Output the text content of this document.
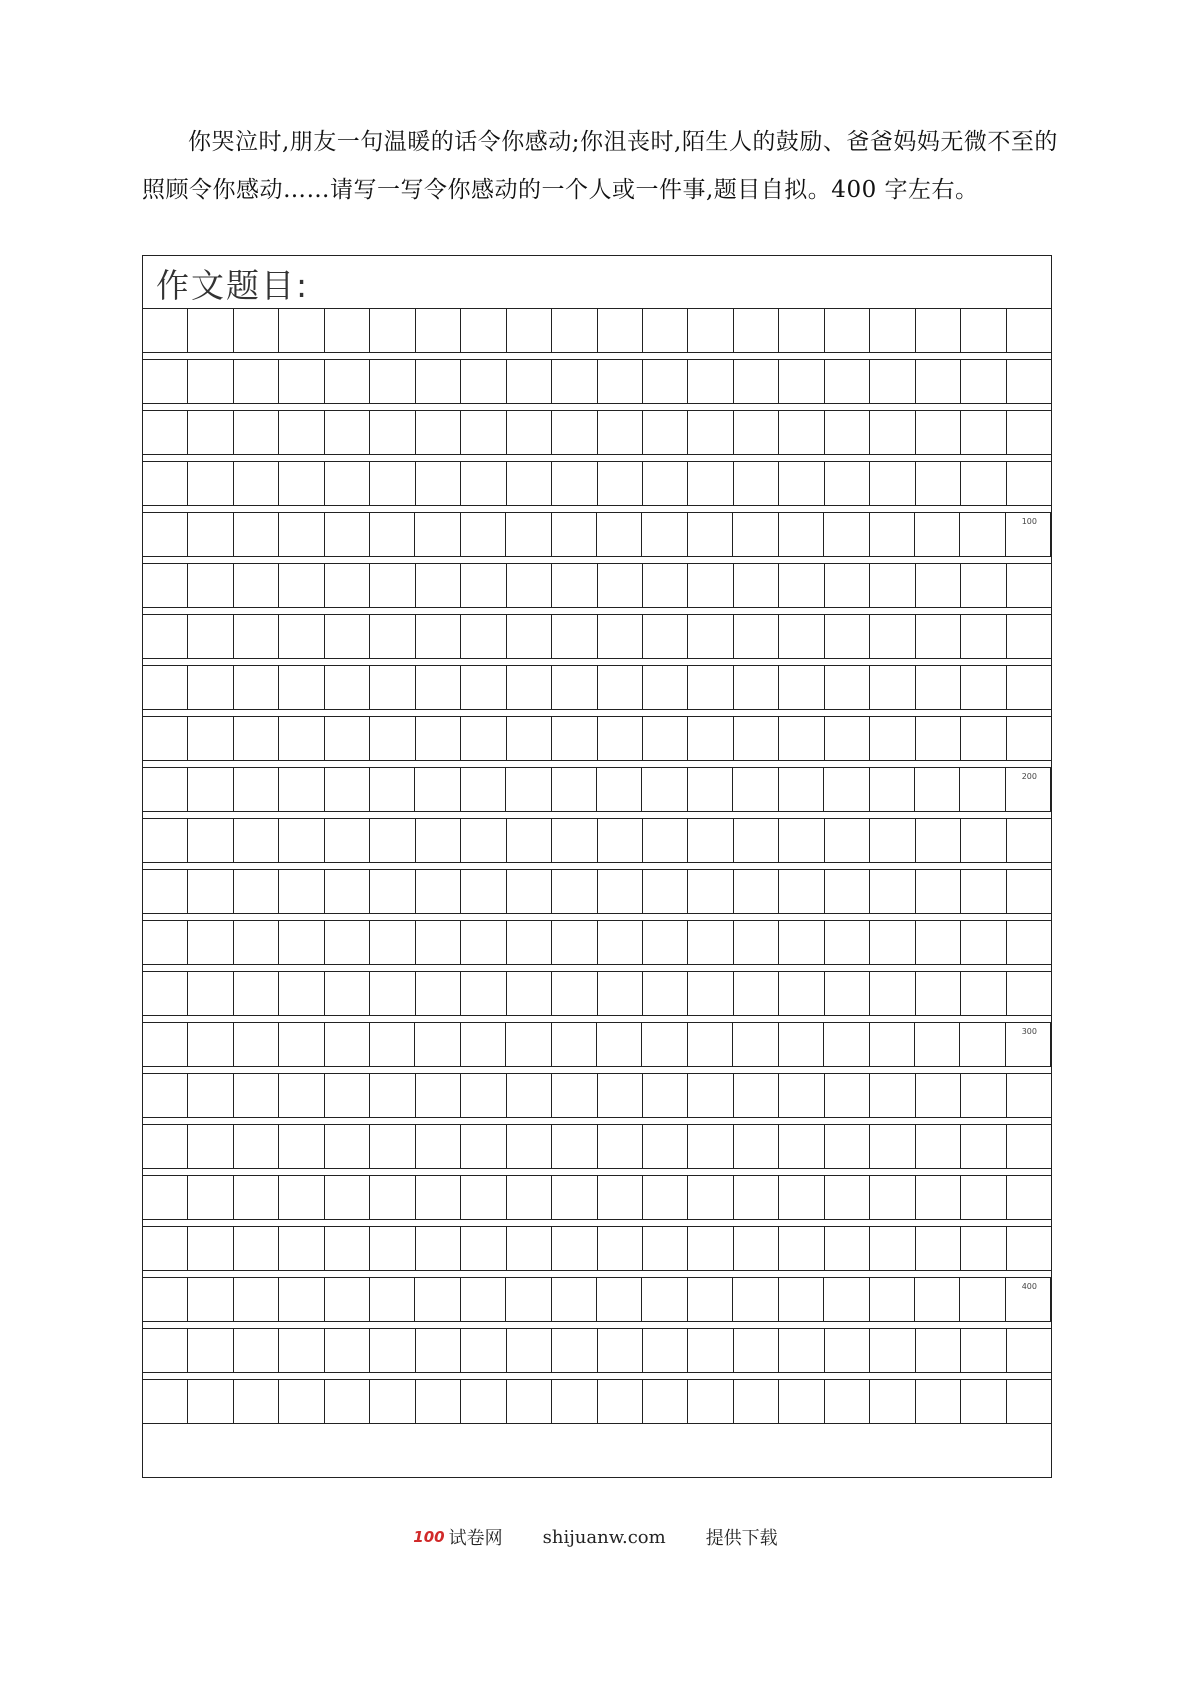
你哭泣时,朋友一句温暖的话令你感动;你沮丧时,陌生人的鼓励、爸爸妈妈无微不至的照顾令你感动……请写一写令你感动的一个人或一件事,题目自拟。400 字左右。

作文题目:
100
200
300
400
100 试卷网 shijuanw.com 提供下载
